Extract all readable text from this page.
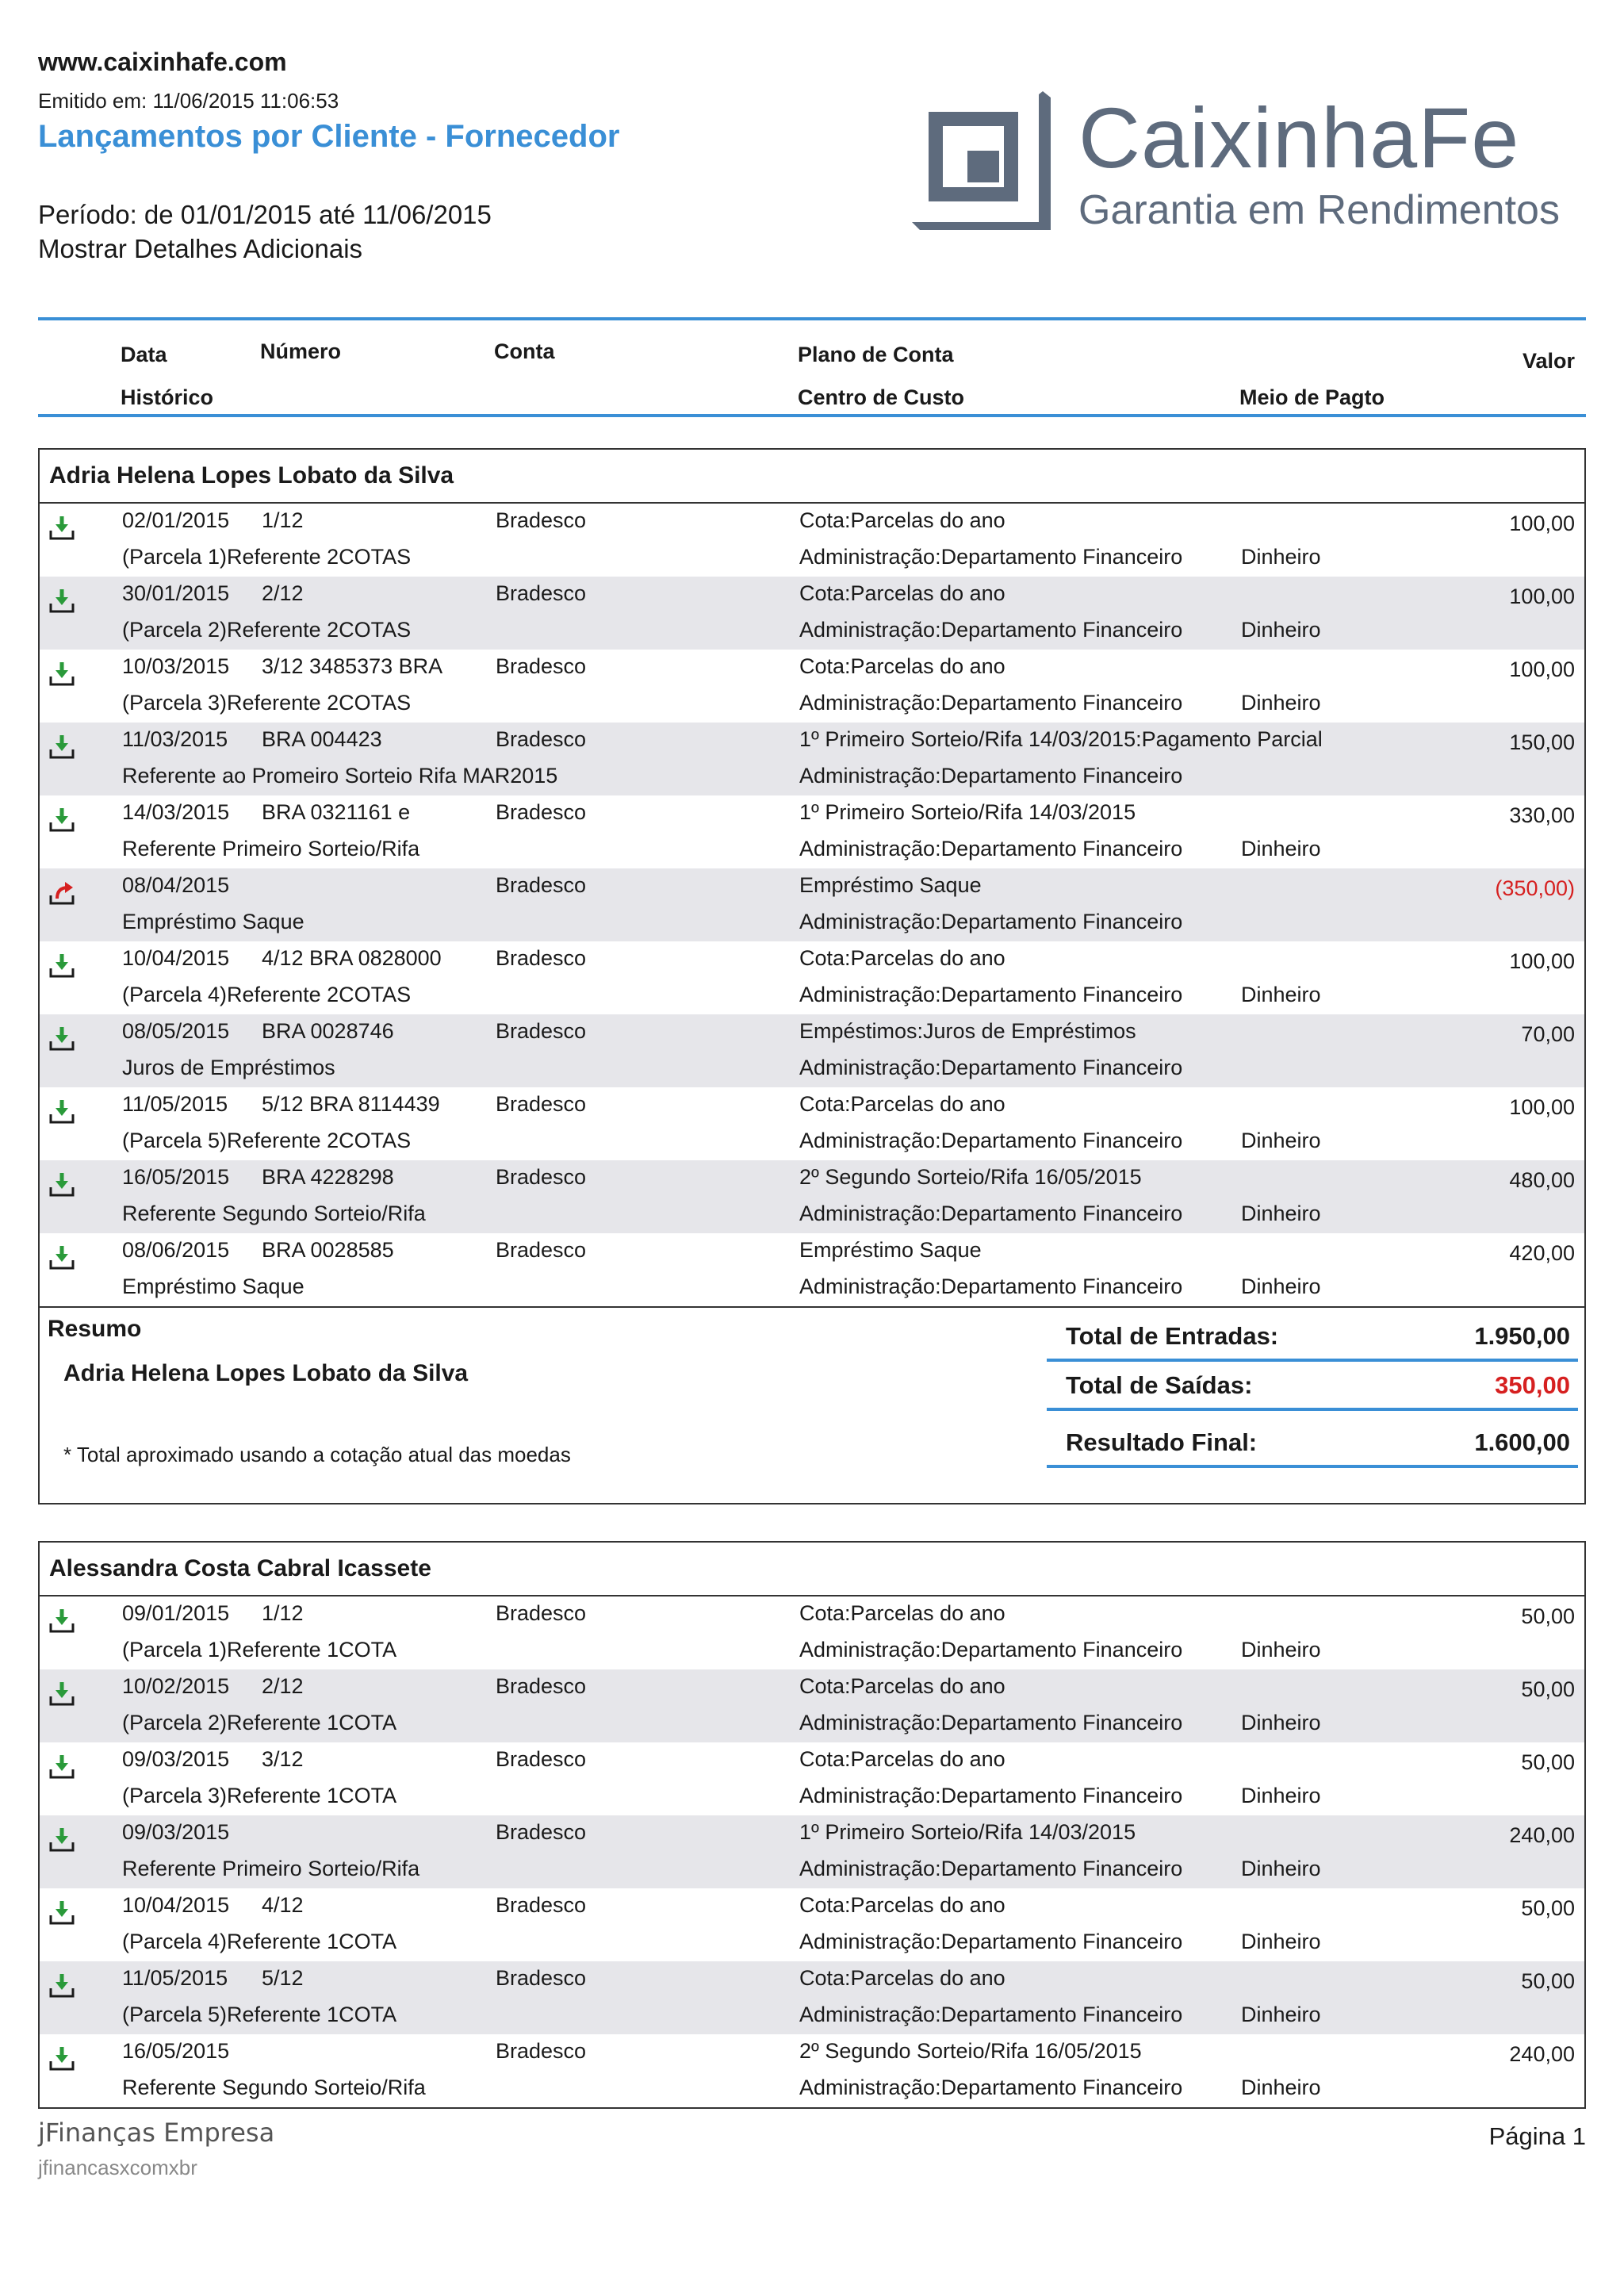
www.caixinhafe.com
Emitido em: 11/06/2015 11:06:53
Lançamentos por Cliente - Fornecedor
Período: de 01/01/2015 até 11/06/2015
Mostrar Detalhes Adicionais
CaixinhaFe
Garantia em Rendimentos
Data	Número	Conta	Plano de Conta	Valor
Histórico	Centro de Custo	Meio de Pagto
Adria Helena Lopes Lobato da Silva
02/01/2015 1/12	Bradesco	Cota:Parcelas do ano
(Parcela 1)Referente 2COTAS	Administração:Departamento Financeiro	Dinheiro
100,00
30/01/2015 2/12	Bradesco	Cota:Parcelas do ano
(Parcela 2)Referente 2COTAS	Administração:Departamento Financeiro	Dinheiro
100,00
10/03/2015 3/12 3485373 BRA Bradesco	Cota:Parcelas do ano
(Parcela 3)Referente 2COTAS	Administração:Departamento Financeiro	Dinheiro
100,00
11/03/2015 BRA 004423	Bradesco	1º Primeiro Sorteio/Rifa 14/03/2015:Pagamento Parcial
Referente ao Promeiro Sorteio Rifa MAR2015	Administração:Departamento Financeiro
150,00
14/03/2015 BRA 0321161 e	Bradesco	1º Primeiro Sorteio/Rifa 14/03/2015
Referente Primeiro Sorteio/Rifa	Administração:Departamento Financeiro	Dinheiro
330,00
08/04/2015	Bradesco	Empréstimo Saque
Empréstimo Saque	Administração:Departamento Financeiro
(350,00)
10/04/2015 4/12 BRA 0828000	Bradesco	Cota:Parcelas do ano
(Parcela 4)Referente 2COTAS	Administração:Departamento Financeiro	Dinheiro
100,00
08/05/2015 BRA 0028746	Bradesco	Empéstimos:Juros de Empréstimos
Juros de Empréstimos	Administração:Departamento Financeiro
70,00
11/05/2015 5/12 BRA 8114439	Bradesco	Cota:Parcelas do ano
(Parcela 5)Referente 2COTAS	Administração:Departamento Financeiro	Dinheiro
100,00
16/05/2015 BRA 4228298	Bradesco	2º Segundo Sorteio/Rifa 16/05/2015
Referente Segundo Sorteio/Rifa	Administração:Departamento Financeiro	Dinheiro
480,00
08/06/2015 BRA 0028585	Bradesco	Empréstimo Saque
Empréstimo Saque	Administração:Departamento Financeiro	Dinheiro
420,00
Resumo
Adria Helena Lopes Lobato da Silva
* Total aproximado usando a cotação atual das moedas
Total de Entradas:	1.950,00
Total de Saídas:	350,00
Resultado Final:	1.600,00
Alessandra Costa Cabral Icassete
09/01/2015 1/12	Bradesco	Cota:Parcelas do ano
(Parcela 1)Referente 1COTA	Administração:Departamento Financeiro	Dinheiro
50,00
10/02/2015 2/12	Bradesco	Cota:Parcelas do ano
(Parcela 2)Referente 1COTA	Administração:Departamento Financeiro	Dinheiro
50,00
09/03/2015 3/12	Bradesco	Cota:Parcelas do ano
(Parcela 3)Referente 1COTA	Administração:Departamento Financeiro	Dinheiro
50,00
09/03/2015	Bradesco	1º Primeiro Sorteio/Rifa 14/03/2015
Referente Primeiro Sorteio/Rifa	Administração:Departamento Financeiro	Dinheiro
240,00
10/04/2015 4/12	Bradesco	Cota:Parcelas do ano
(Parcela 4)Referente 1COTA	Administração:Departamento Financeiro	Dinheiro
50,00
11/05/2015 5/12	Bradesco	Cota:Parcelas do ano
(Parcela 5)Referente 1COTA	Administração:Departamento Financeiro	Dinheiro
50,00
16/05/2015	Bradesco	2º Segundo Sorteio/Rifa 16/05/2015
Referente Segundo Sorteio/Rifa	Administração:Departamento Financeiro	Dinheiro
240,00
jFinanças Empresa
jfinancasxcomxbr
Página 1
